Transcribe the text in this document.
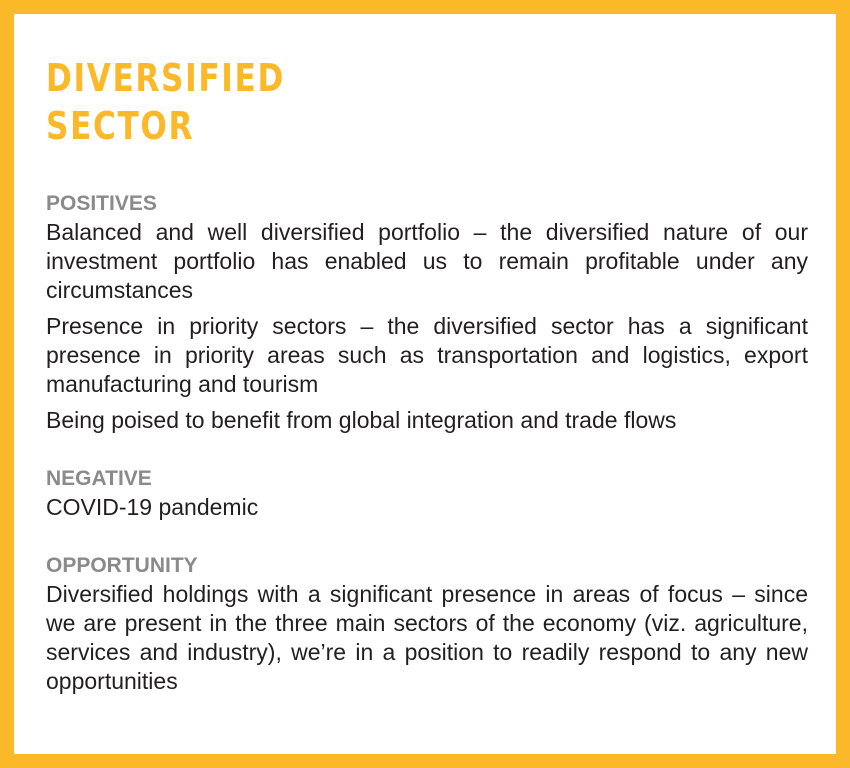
DIVERSIFIED
SECTOR
POSITIVES

Balanced and well diversified portfolio – the diversified nature of our investment portfolio has enabled us to remain profitable under any circumstances

Presence in priority sectors – the diversified sector has a significant presence in priority areas such as transportation and logistics, export manufacturing and tourism

Being poised to benefit from global integration and trade flows

NEGATIVE

COVID-19 pandemic

OPPORTUNITY

Diversified holdings with a significant presence in areas of focus – since we are present in the three main sectors of the economy (viz. agriculture, services and industry), we’re in a position to readily respond to any new opportunities
